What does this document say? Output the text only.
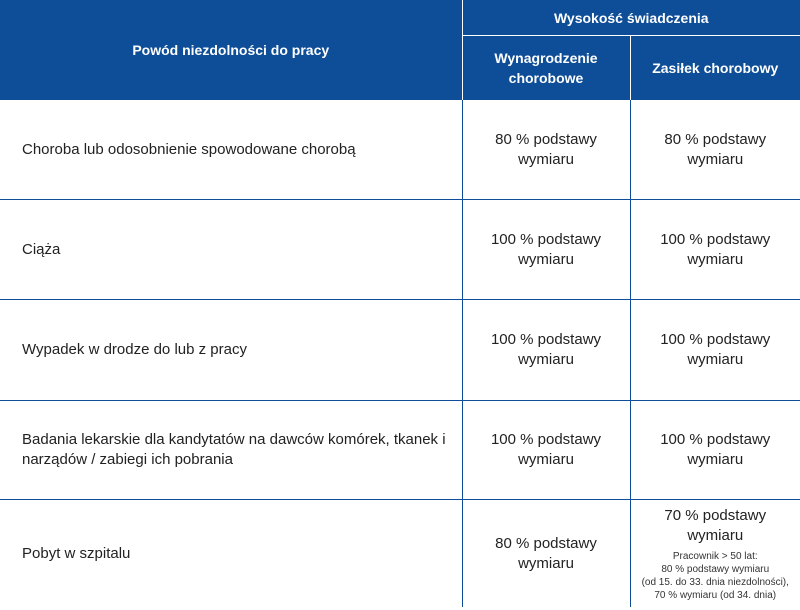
Powód niezdolności do pracy	Wysokość świadczenia	
	Wynagrodzenie chorobowe	Zasiłek chorobowy
Choroba lub odosobnienie spowodowane chorobą	80 % podstawy wymiaru	80 % podstawy wymiaru
Ciąża	100 % podstawy wymiaru	100 % podstawy wymiaru
Wypadek w drodze do lub z pracy	100 % podstawy wymiaru	100 % podstawy wymiaru
Badania lekarskie dla kandytatów na dawców komórek, tkanek i narządów / zabiegi ich pobrania	100 % podstawy wymiaru	100 % podstawy wymiaru
Pobyt w szpitalu	80 % podstawy wymiaru	70 % podstawy wymiaru
Pracownik > 50 lat:
80 % podstawy wymiaru
(od 15. do 33. dnia niezdolności),
70 % wymiaru (od 34. dnia)
